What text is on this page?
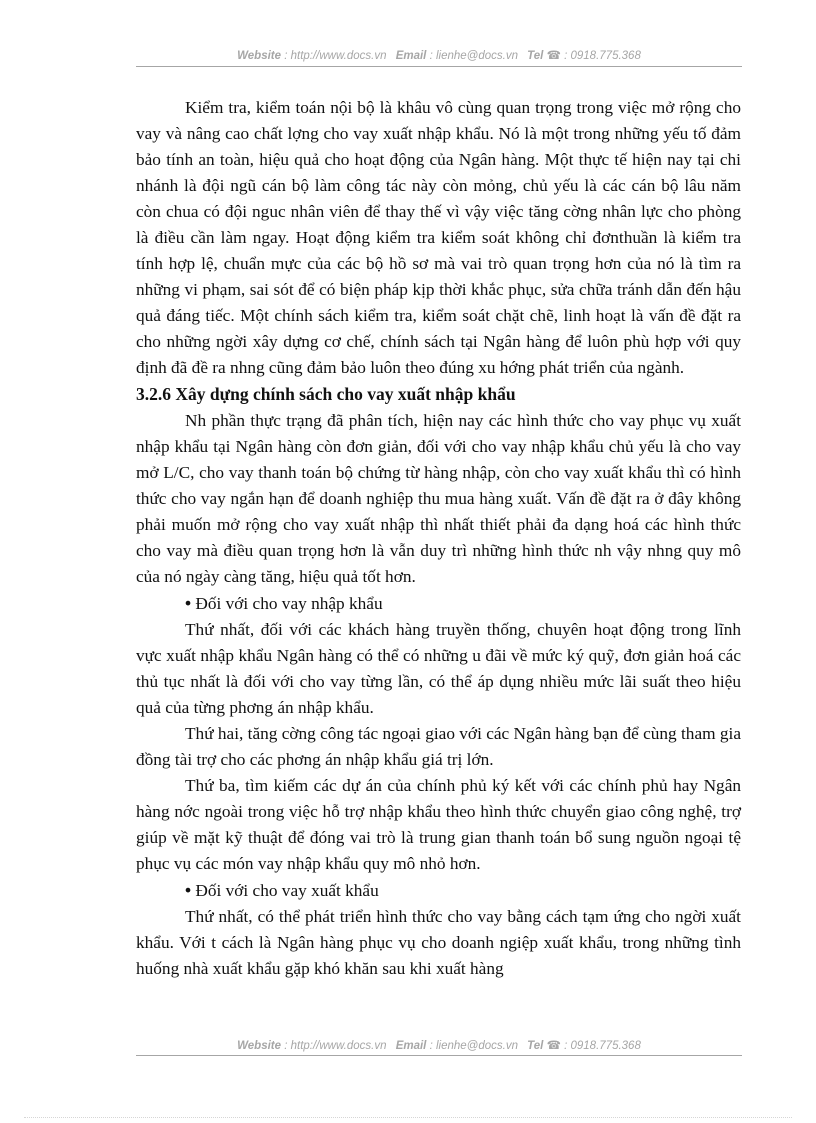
Website : http://www.docs.vn Email : lienhe@docs.vn Tel ☎ : 0918.775.368

Kiểm tra, kiểm toán nội bộ là khâu vô cùng quan trọng trong việc mở rộng cho vay và nâng cao chất lợng cho vay xuất nhập khẩu. Nó là một trong những yếu tố đảm bảo tính an toàn, hiệu quả cho hoạt động của Ngân hàng. Một thực tế hiện nay tại chi nhánh là đội ngũ cán bộ làm công tác này còn mỏng, chủ yếu là các cán bộ lâu năm còn chua có đội nguc nhân viên để thay thế vì vậy việc tăng cờng nhân lực cho phòng là điều cần làm ngay. Hoạt động kiểm tra kiểm soát không chỉ đơnthuần là kiểm tra tính hợp lệ, chuẩn mực của các bộ hồ sơ mà vai trò quan trọng hơn của nó là tìm ra những vi phạm, sai sót để có biện pháp kịp thời khắc phục, sửa chữa tránh dẫn đến hậu quả đáng tiếc. Một chính sách kiểm tra, kiểm soát chặt chẽ, linh hoạt là vấn đề đặt ra cho những ngời xây dựng cơ chế, chính sách tại Ngân hàng để luôn phù hợp với quy định đã đề ra nhng cũng đảm bảo luôn theo đúng xu hớng phát triển của ngành.

3.2.6 Xây dựng chính sách cho vay xuất nhập khẩu

Nh phần thực trạng đã phân tích, hiện nay các hình thức cho vay phục vụ xuất nhập khẩu tại Ngân hàng còn đơn giản, đối với cho vay nhập khẩu chủ yếu là cho vay mở L/C, cho vay thanh toán bộ chứng từ hàng nhập, còn cho vay xuất khẩu thì có hình thức cho vay ngắn hạn để doanh nghiệp thu mua hàng xuất. Vấn đề đặt ra ở đây không phải muốn mở rộng cho vay xuất nhập thì nhất thiết phải đa dạng hoá các hình thức cho vay mà điều quan trọng hơn là vẫn duy trì những hình thức nh vậy nhng quy mô của nó ngày càng tăng, hiệu quả tốt hơn.

• Đối với cho vay nhập khẩu

Thứ nhất, đối với các khách hàng truyền thống, chuyên hoạt động trong lĩnh vực xuất nhập khẩu Ngân hàng có thể có những u đãi về mức ký quỹ, đơn giản hoá các thủ tục nhất là đối với cho vay từng lần, có thể áp dụng nhiều mức lãi suất theo hiệu quả của từng phơng án nhập khẩu.

Thứ hai, tăng cờng công tác ngoại giao với các Ngân hàng bạn để cùng tham gia đồng tài trợ cho các phơng án nhập khẩu giá trị lớn.

Thứ ba, tìm kiếm các dự án của chính phủ ký kết với các chính phủ hay Ngân hàng nớc ngoài trong việc hỗ trợ nhập khẩu theo hình thức chuyển giao công nghệ, trợ giúp về mặt kỹ thuật để đóng vai trò là trung gian thanh toán bổ sung nguồn ngoại tệ phục vụ các món vay nhập khẩu quy mô nhỏ hơn.

• Đối với cho vay xuất khẩu

Thứ nhất, có thể phát triển hình thức cho vay bằng cách tạm ứng cho ngời xuất khẩu. Với t cách là Ngân hàng phục vụ cho doanh ngiệp xuất khẩu, trong những tình huống nhà xuất khẩu gặp khó khăn sau khi xuất hàng

Website : http://www.docs.vn Email : lienhe@docs.vn Tel ☎ : 0918.775.368
